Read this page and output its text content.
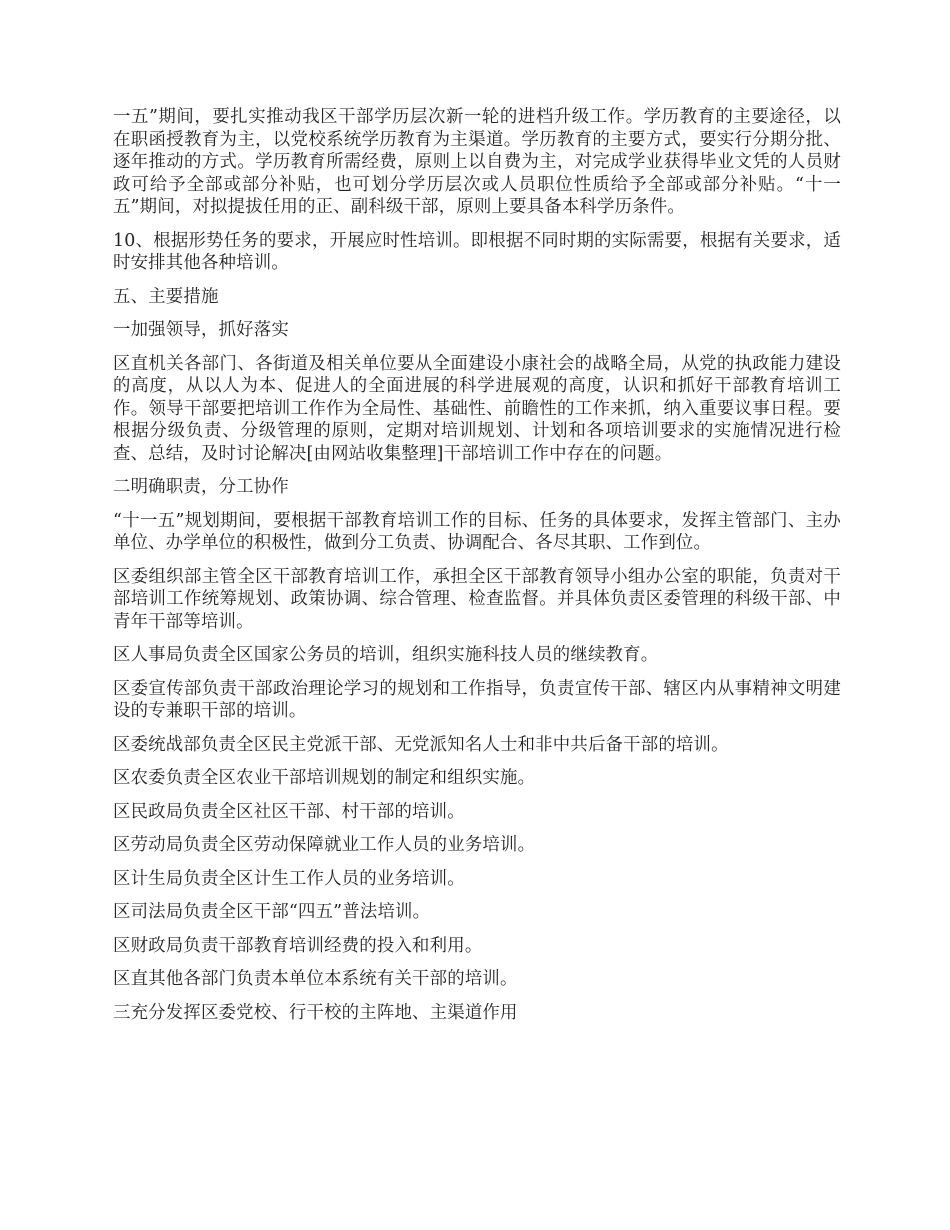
一五”期间，要扎实推动我区干部学历层次新一轮的进档升级工作。学历教育的主要途径，以在职函授教育为主，以党校系统学历教育为主渠道。学历教育的主要方式，要实行分期分批、逐年推动的方式。学历教育所需经费，原则上以自费为主，对完成学业获得毕业文凭的人员财政可给予全部或部分补贴，也可划分学历层次或人员职位性质给予全部或部分补贴。“十一五”期间，对拟提拔任用的正、副科级干部，原则上要具备本科学历条件。

10、根据形势任务的要求，开展应时性培训。即根据不同时期的实际需要，根据有关要求，适时安排其他各种培训。

五、主要措施

一加强领导，抓好落实

区直机关各部门、各街道及相关单位要从全面建设小康社会的战略全局，从党的执政能力建设的高度，从以人为本、促进人的全面进展的科学进展观的高度，认识和抓好干部教育培训工作。领导干部要把培训工作作为全局性、基础性、前瞻性的工作来抓，纳入重要议事日程。要根据分级负责、分级管理的原则，定期对培训规划、计划和各项培训要求的实施情况进行检查、总结，及时讨论解决[由网站收集整理]干部培训工作中存在的问题。

二明确职责，分工协作

“十一五”规划期间，要根据干部教育培训工作的目标、任务的具体要求，发挥主管部门、主办单位、办学单位的积极性，做到分工负责、协调配合、各尽其职、工作到位。

区委组织部主管全区干部教育培训工作，承担全区干部教育领导小组办公室的职能，负责对干部培训工作统筹规划、政策协调、综合管理、检查监督。并具体负责区委管理的科级干部、中青年干部等培训。

区人事局负责全区国家公务员的培训，组织实施科技人员的继续教育。

区委宣传部负责干部政治理论学习的规划和工作指导，负责宣传干部、辖区内从事精神文明建设的专兼职干部的培训。

区委统战部负责全区民主党派干部、无党派知名人士和非中共后备干部的培训。

区农委负责全区农业干部培训规划的制定和组织实施。

区民政局负责全区社区干部、村干部的培训。

区劳动局负责全区劳动保障就业工作人员的业务培训。

区计生局负责全区计生工作人员的业务培训。

区司法局负责全区干部“四五”普法培训。

区财政局负责干部教育培训经费的投入和利用。

区直其他各部门负责本单位本系统有关干部的培训。

三充分发挥区委党校、行干校的主阵地、主渠道作用
